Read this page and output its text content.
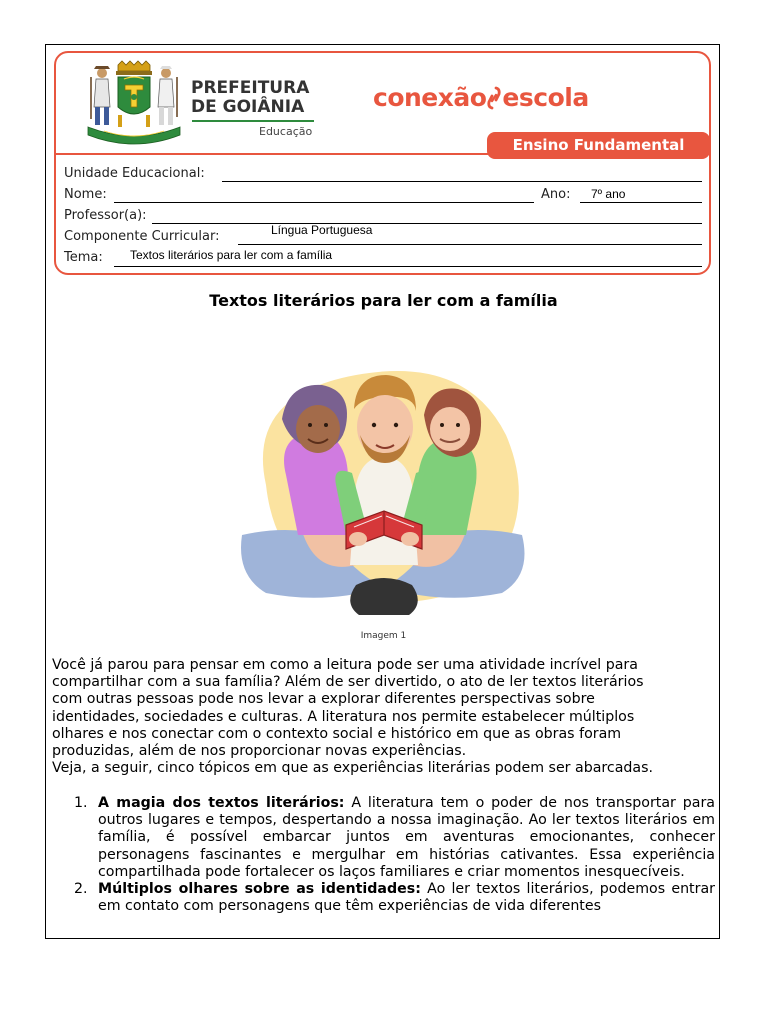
PREFEITURA
DE GOIÂNIA
Educação
conexão escola
Ensino Fundamental
Unidade Educacional:
Nome:	Ano: 7º ano
Professor(a):
Componente Curricular:	Língua Portuguesa
Tema: Textos literários para ler com a família
Textos literários para ler com a família
Imagem 1

Você já parou para pensar em como a leitura pode ser uma atividade incrível para

compartilhar com a sua família? Além de ser divertido, o ato de ler textos literários

com outras pessoas pode nos levar a explorar diferentes perspectivas sobre

identidades, sociedades e culturas. A literatura nos permite estabelecer múltiplos

olhares e nos conectar com o contexto social e histórico em que as obras foram

produzidas, além de nos proporcionar novas experiências.

Veja, a seguir, cinco tópicos em que as experiências literárias podem ser abarcadas.

1. A magia dos textos literários: A literatura tem o poder de nos transportar para outros lugares e tempos, despertando a nossa imaginação. Ao ler textos literários em família, é possível embarcar juntos em aventuras emocionantes, conhecer personagens fascinantes e mergulhar em histórias cativantes. Essa experiência compartilhada pode fortalecer os laços familiares e criar momentos inesquecíveis.
2. Múltiplos olhares sobre as identidades: Ao ler textos literários, podemos entrar em contato com personagens que têm experiências de vida diferentes
